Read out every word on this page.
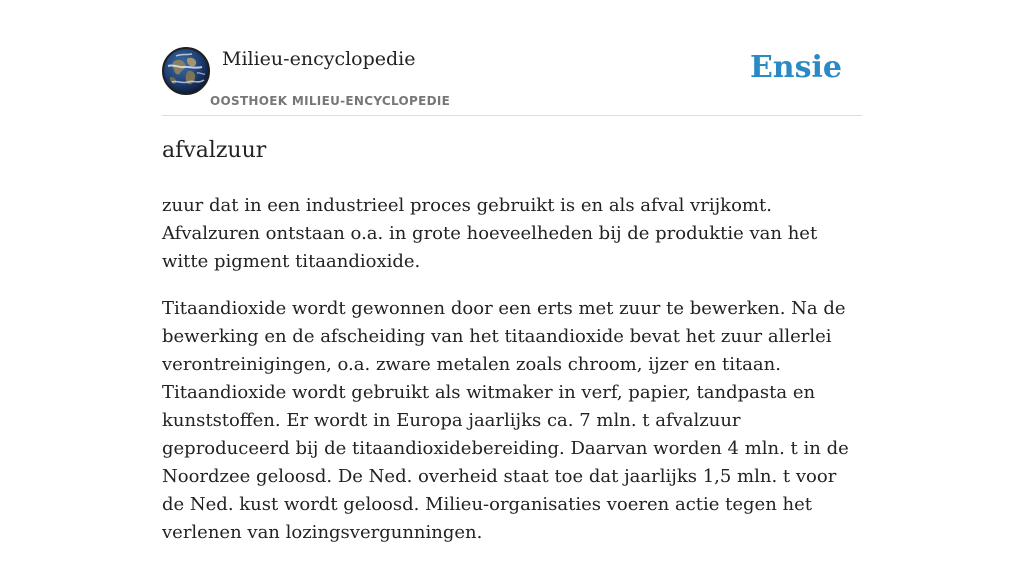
Milieu-encyclopedie
OOSTHOEK MILIEU-ENCYCLOPEDIE
Ensie
afvalzuur

zuur dat in een industrieel proces gebruikt is en als afval vrijkomt. Afvalzuren ontstaan o.a. in grote hoeveelheden bij de produktie van het witte pigment titaandioxide.

Titaandioxide wordt gewonnen door een erts met zuur te bewerken. Na de bewerking en de afscheiding van het titaandioxide bevat het zuur allerlei verontreinigingen, o.a. zware metalen zoals chroom, ijzer en titaan. Titaandioxide wordt gebruikt als witmaker in verf, papier, tandpasta en kunststoffen. Er wordt in Europa jaarlijks ca. 7 mln. t afvalzuur geproduceerd bij de titaandioxidebereiding. Daarvan worden 4 mln. t in de Noordzee geloosd. De Ned. overheid staat toe dat jaarlijks 1,5 mln. t voor de Ned. kust wordt geloosd. Milieu-organisaties voeren actie tegen het verlenen van lozingsvergunningen.
